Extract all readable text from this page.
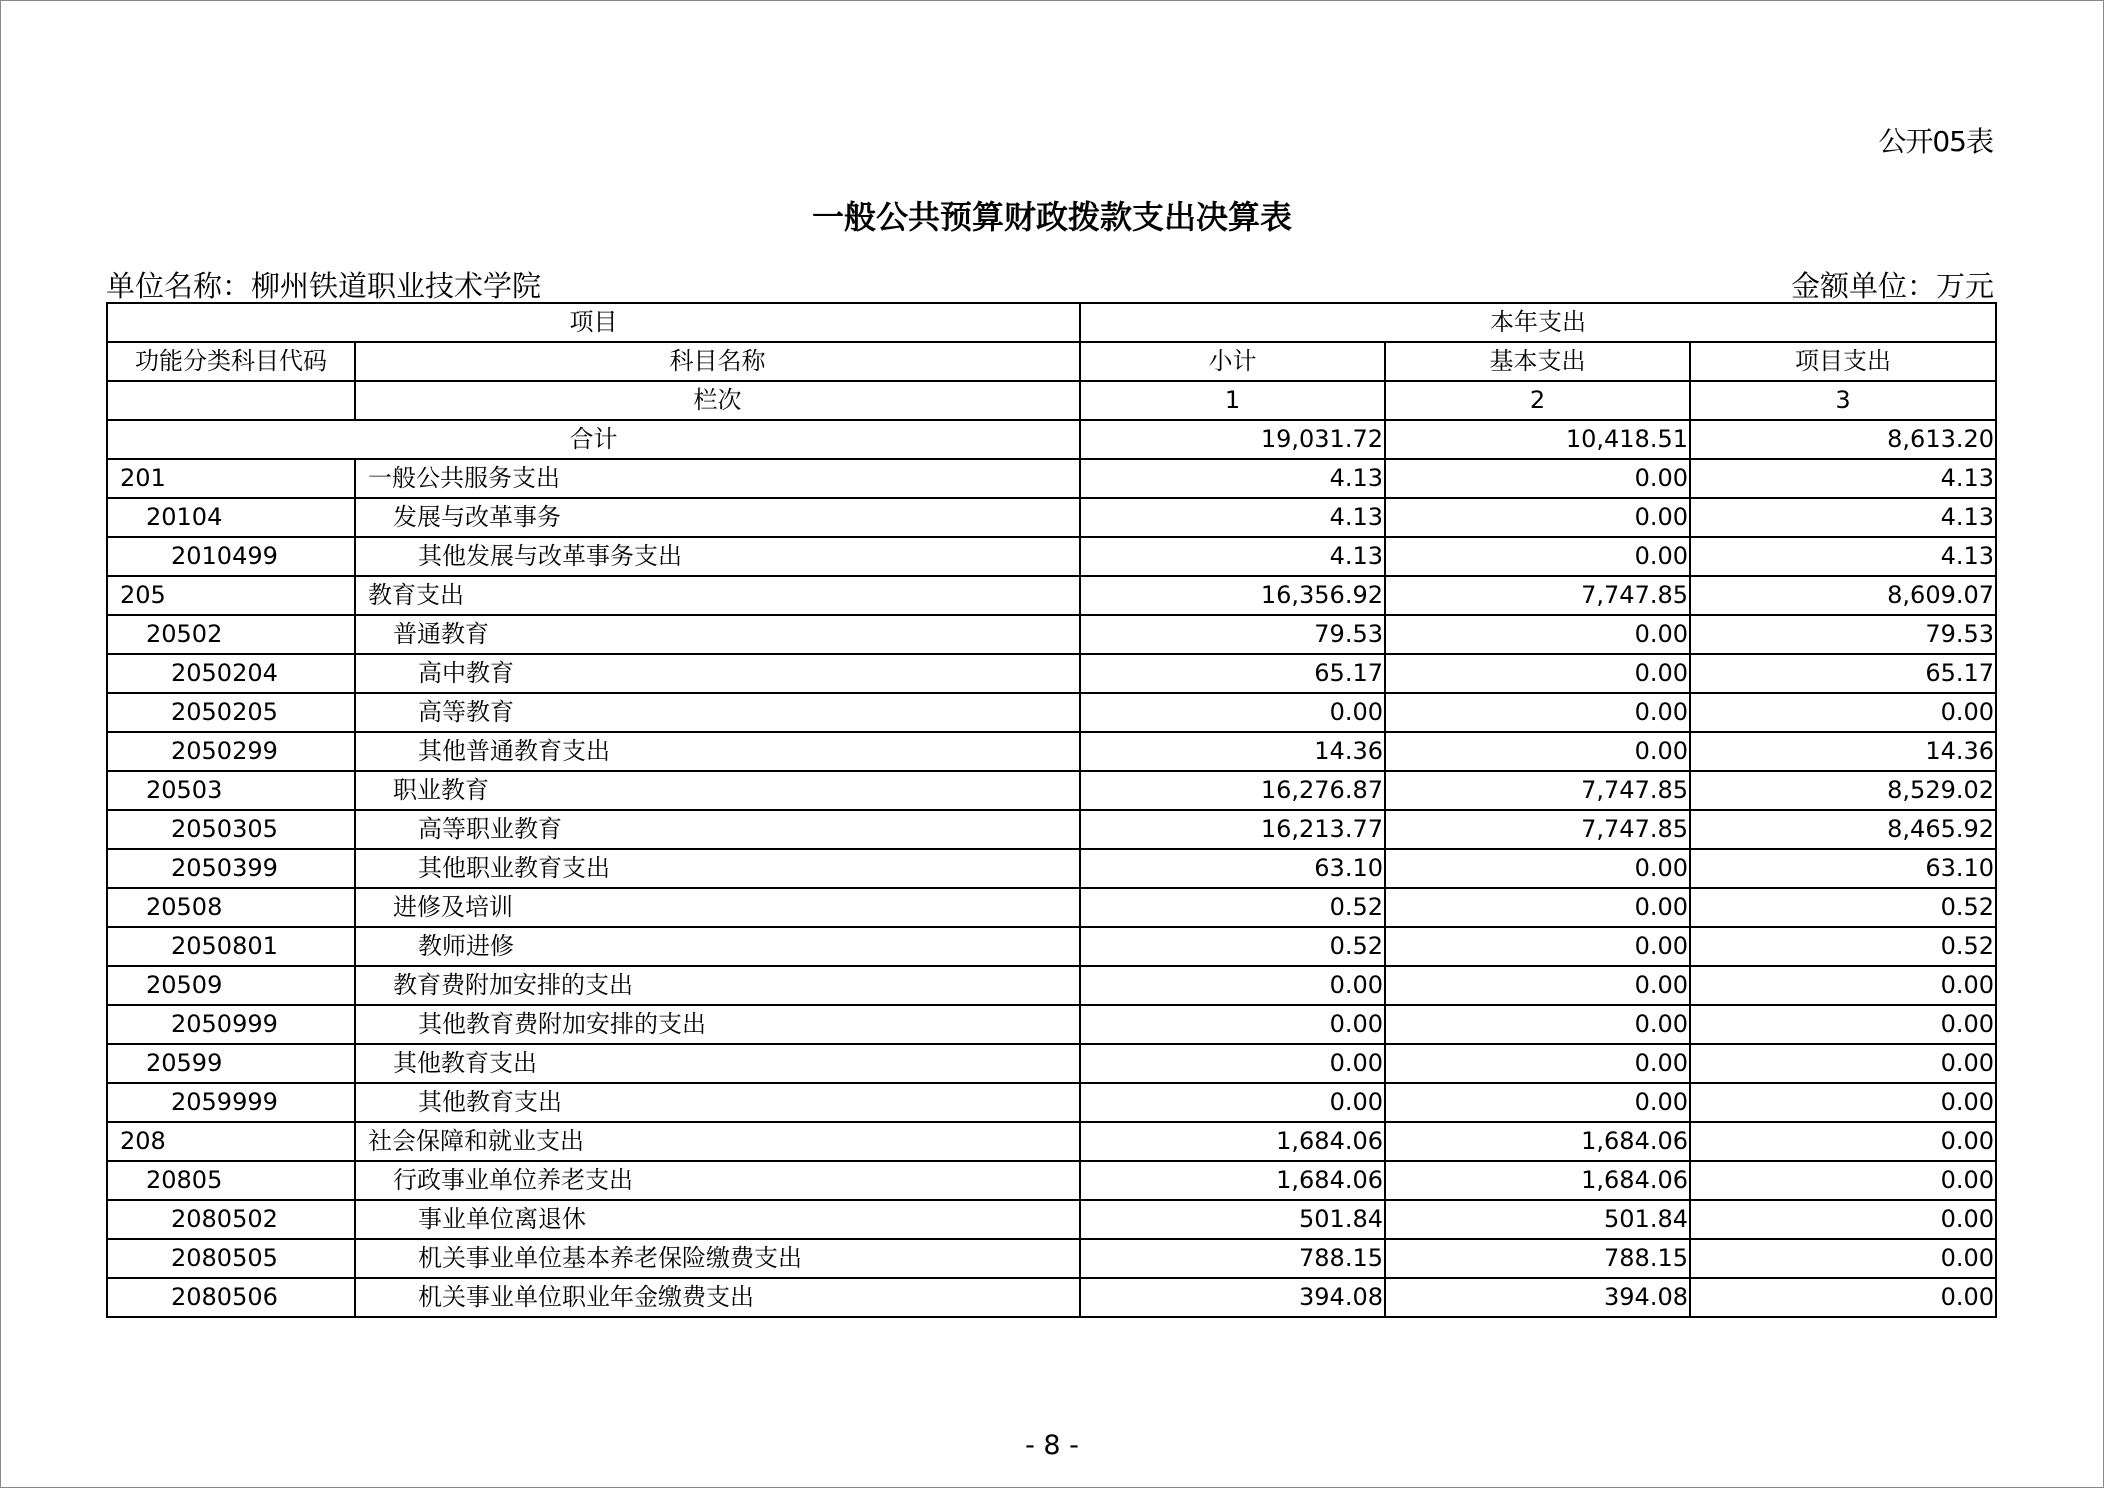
公开05表
一般公共预算财政拨款支出决算表
单位名称：柳州铁道职业技术学院	金额单位：万元
项目		本年支出		
功能分类科目代码	科目名称	小计	基本支出	项目支出
	栏次	1	2	3
合计		19,031.72	10,418.51	8,613.20
201	一般公共服务支出	4.13	0.00	4.13
20104	发展与改革事务	4.13	0.00	4.13
2010499	其他发展与改革事务支出	4.13	0.00	4.13
205	教育支出	16,356.92	7,747.85	8,609.07
20502	普通教育	79.53	0.00	79.53
2050204	高中教育	65.17	0.00	65.17
2050205	高等教育	0.00	0.00	0.00
2050299	其他普通教育支出	14.36	0.00	14.36
20503	职业教育	16,276.87	7,747.85	8,529.02
2050305	高等职业教育	16,213.77	7,747.85	8,465.92
2050399	其他职业教育支出	63.10	0.00	63.10
20508	进修及培训	0.52	0.00	0.52
2050801	教师进修	0.52	0.00	0.52
20509	教育费附加安排的支出	0.00	0.00	0.00
2050999	其他教育费附加安排的支出	0.00	0.00	0.00
20599	其他教育支出	0.00	0.00	0.00
2059999	其他教育支出	0.00	0.00	0.00
208	社会保障和就业支出	1,684.06	1,684.06	0.00
20805	行政事业单位养老支出	1,684.06	1,684.06	0.00
2080502	事业单位离退休	501.84	501.84	0.00
2080505	机关事业单位基本养老保险缴费支出	788.15	788.15	0.00
2080506	机关事业单位职业年金缴费支出	394.08	394.08	0.00
- 8 -
